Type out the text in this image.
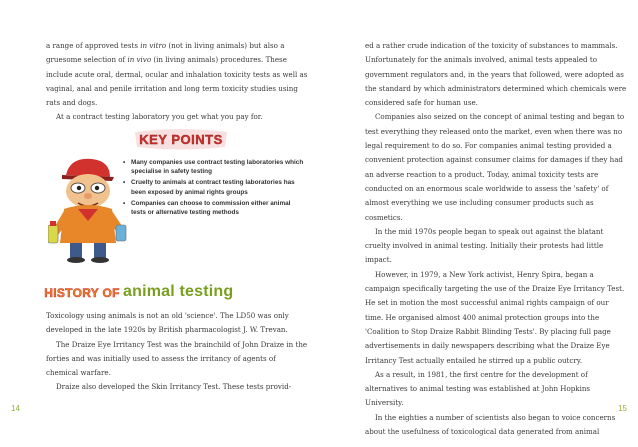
a range of approved tests in vitro (not in living animals) but also a gruesome selection of in vivo (in living animals) procedures. These include acute oral, dermal, ocular and inhalation toxicity tests as well as vaginal, anal and penile irritation and long term toxicity studies using rats and dogs.

At a contract testing laboratory you get what you pay for.

KEY POINTS
• Many companies use contract testing laboratories which specialise in safety testing
• Cruelty to animals at contract testing laboratories has been exposed by animal rights groups
• Companies can choose to commission either animal tests or alternative testing methods
HISTORY OF animal testing

Toxicology using animals is not an old 'science'. The LD50 was only developed in the late 1920s by British pharmacologist J. W. Trevan.

The Draize Eye Irritancy Test was the brainchild of John Draize in the forties and was initially used to assess the irritancy of agents of chemical warfare.

Draize also developed the Skin Irritancy Test. These tests provid-

14

ed a rather crude indication of the toxicity of substances to mammals. Unfortunately for the animals involved, animal tests appealed to government regulators and, in the years that followed, were adopted as the standard by which administrators determined which chemicals were considered safe for human use.

Companies also seized on the concept of animal testing and began to test everything they released onto the market, even when there was no legal requirement to do so. For companies animal testing provided a convenient protection against consumer claims for damages if they had an adverse reaction to a product. Today, animal toxicity tests are conducted on an enormous scale worldwide to assess the 'safety' of almost everything we use including consumer products such as cosmetics.

In the mid 1970s people began to speak out against the blatant cruelty involved in animal testing. Initially their protests had little impact.

However, in 1979, a New York activist, Henry Spira, began a campaign specifically targeting the use of the Draize Eye Irritancy Test. He set in motion the most successful animal rights campaign of our time. He organised almost 400 animal protection groups into the 'Coalition to Stop Draize Rabbit Blinding Tests'. By placing full page advertisements in daily newspapers describing what the Draize Eye Irritancy Test actually entailed he stirred up a public outcry.

As a result, in 1981, the first centre for the development of alternatives to animal testing was established at John Hopkins University.

In the eighties a number of scientists also began to voice concerns about the usefulness of toxicological data generated from animal

15
